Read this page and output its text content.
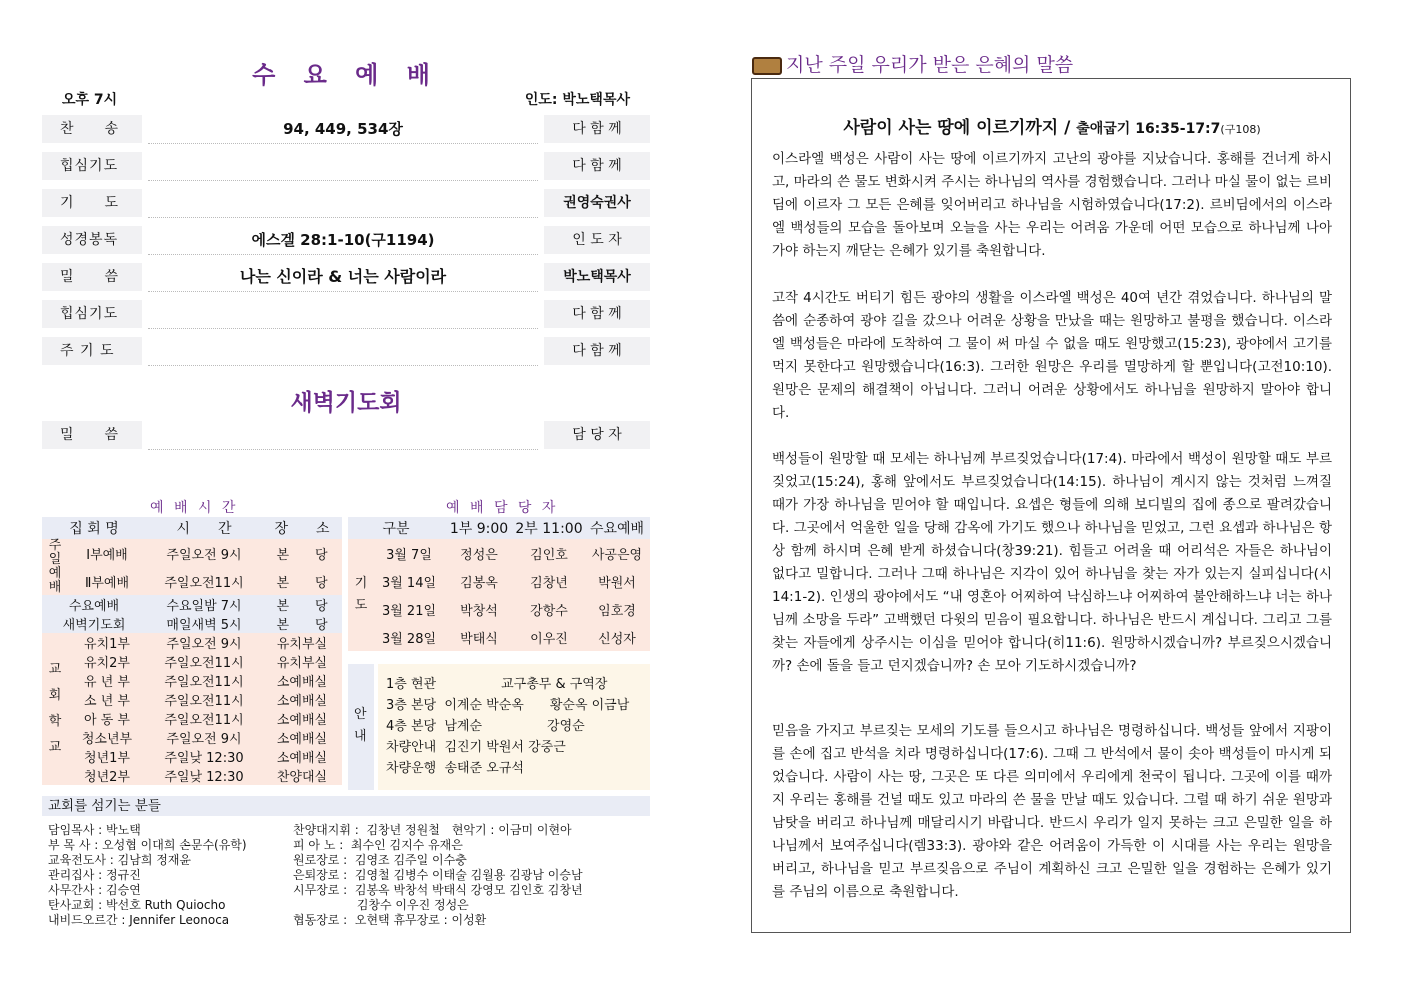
수 요 예 배
오후 7시	인도: 박노택목사
찬　　송	94, 449, 534장	다 함 께
힙심기도	다 함 께
기　　도	권영숙권사
성경봉독	에스겔 28:1-10(구1194)	인 도 자
밀　　씀	나는 신이라 & 너는 사람이라	박노택목사
힙심기도	다 함 께
주 기 도	다 함 께
새벽기도회
밀　　씀	담 당 자
예 배 시 간	예 배 담 당 자
집 회 명		시　　간	장　　소
주일예배	Ⅰ부예배	주일오전 9시	본　　당
	Ⅱ부예배	주일오전11시	본　　당
수요예배		수요일밤 7시	본　　당
새벽기도회		매일새벽 5시	본　　당
교회학교	유치1부	주일오전 9시	유치부실
	유치2부	주일오전11시	유치부실
	유 년 부	주일오전11시	소예배실
	소 년 부	주일오전11시	소예배실
	아 동 부	주일오전11시	소예배실
	청소년부	주일오전 9시	소예배실
	청년1부	주일낮 12:30	소예배실
	청년2부	주일낮 12:30	찬양대실
구분		1부 9:00	2부 11:00	수요예배
기도	3월 7일	정성은	김인호	사공은영
	3월 14일	김봉옥	김창년	박원서
	3월 21일	박창석	강항수	임호경
	3월 28일	박태식	이우진	신성자
안내
1층 현관　　　　　교구총무 & 구역장
3층 본당  이계순 박순옥　　황순옥 이금남
4층 본당  남계순　　　　　강영순
차량안내  김진기 박원서 강중근
차량운행  송태준 오규석
교회를 섬기는 분들
담임목사 : 박노택
부 목 사 : 오성협 이대희 손문수(유학)
교육전도사 : 김남희 정재윤
관리집사 : 정규진
사무간사 : 김승연
탄사교회 : 박선호 Ruth Quiocho
내비드오르간 : Jennifer Leonoca
찬양대지휘 :  김창년 정원철　현악기 : 이금미 이현아
피 아 노 :  최수인 김지수 유재은
원로장로 :  김영조 김주일 이수충
은퇴장로 :  김영철 김병수 이태술 김월용 김광남 이승남
시무장로 :  김봉옥 박창석 박태식 강영모 김인호 김창년
　　　　　 김창수 이우진 정성은
협동장로 :  오현택 휴무장로 : 이성환
지난 주일 우리가 받은 은혜의 말씀
사람이 사는 땅에 이르기까지 / 출애굽기 16:35-17:7(구108)
이스라엘 백성은 사람이 사는 땅에 이르기까지 고난의 광야를 지났습니다. 홍해를 건너게 하시고, 마라의 쓴 물도 변화시켜 주시는 하나님의 역사를 경험했습니다. 그러나 마실 물이 없는 르비딤에 이르자 그 모든 은혜를 잊어버리고 하나님을 시험하였습니다(17:2). 르비딤에서의 이스라엘 백성들의 모습을 돌아보며 오늘을 사는 우리는 어려움 가운데 어떤 모습으로 하나님께 나아가야 하는지 깨닫는 은혜가 있기를 축원합니다.
고작 4시간도 버티기 힘든 광야의 생활을 이스라엘 백성은 40여 년간 겪었습니다. 하나님의 말씀에 순종하여 광야 길을 갔으나 어려운 상황을 만났을 때는 원망하고 불평을 했습니다. 이스라엘 백성들은 마라에 도착하여 그 물이 써 마실 수 없을 때도 원망했고(15:23), 광야에서 고기를 먹지 못한다고 원망했습니다(16:3). 그러한 원망은 우리를 멸망하게 할 뿐입니다(고전10:10). 원망은 문제의 해결책이 아닙니다. 그러니 어려운 상황에서도 하나님을 원망하지 말아야 합니다.
백성들이 원망할 때 모세는 하나님께 부르짖었습니다(17:4). 마라에서 백성이 원망할 때도 부르짖었고(15:24), 홍해 앞에서도 부르짖었습니다(14:15). 하나님이 계시지 않는 것처럼 느껴질 때가 가장 하나님을 믿어야 할 때입니다. 요셉은 형들에 의해 보디빌의 집에 종으로 팔려갔습니다. 그곳에서 억울한 일을 당해 감옥에 가기도 했으나 하나님을 믿었고, 그런 요셉과 하나님은 항상 함께 하시며 은혜 받게 하셨습니다(창39:21). 힘들고 어려울 때 어리석은 자들은 하나님이 없다고 밀합니다. 그러나 그때 하나님은 지각이 있어 하나님을 찾는 자가 있는지 실피십니다(시14:1-2). 인생의 광야에서도 “내 영혼아 어찌하여 낙심하느냐 어찌하여 불안해하느냐 너는 하나님께 소망을 두라” 고백했던 다윗의 믿음이 필요합니다. 하나님은 반드시 계십니다. 그리고 그를 찾는 자들에게 상주시는 이심을 믿어야 합니다(히11:6). 원망하시겠습니까? 부르짖으시겠습니까? 손에 돌을 들고 던지겠습니까? 손 모아 기도하시겠습니까?
믿음을 가지고 부르짖는 모세의 기도를 들으시고 하나님은 명령하십니다. 백성들 앞에서 지팡이를 손에 집고 반석을 치라 명령하십니다(17:6). 그때 그 반석에서 물이 솟아 백성들이 마시게 되었습니다. 사람이 사는 땅, 그곳은 또 다른 의미에서 우리에게 천국이 됩니다. 그곳에 이를 때까지 우리는 홍해를 건널 때도 있고 마라의 쓴 물을 만날 때도 있습니다. 그럴 때 하기 쉬운 원망과 남탓을 버리고 하나님께 매달리시기 바랍니다. 반드시 우리가 일지 못하는 크고 은밀한 일을 하나님께서 보여주십니다(렘33:3). 광야와 같은 어려움이 가득한 이 시대를 사는 우리는 원망을 버리고, 하나님을 믿고 부르짖음으로 주님이 계획하신 크고 은밀한 일을 경험하는 은혜가 있기를 주님의 이름으로 축원합니다.
